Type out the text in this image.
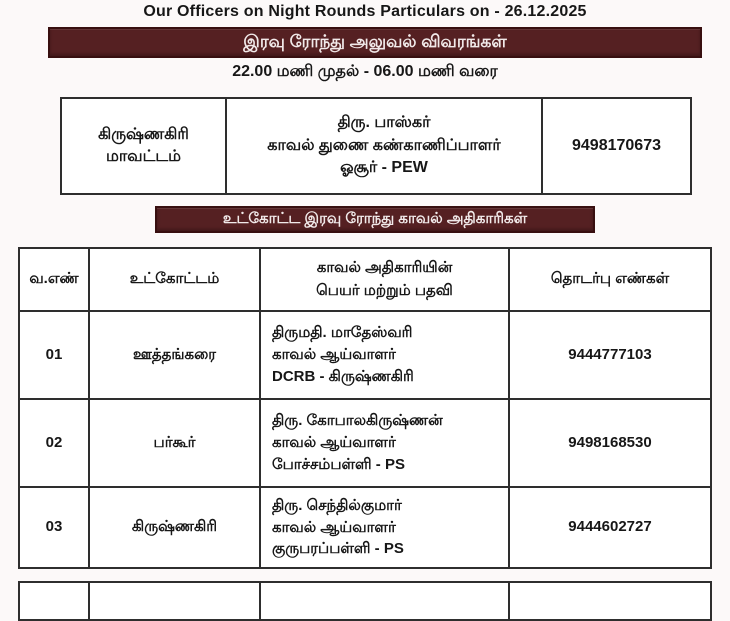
Our Officers on Night Rounds Particulars on - 26.12.2025
இரவு ரோந்து அலுவல் விவரங்கள்
22.00 மணி முதல் - 06.00 மணி வரை
கிருஷ்ணகிரி
மாவட்டம்

திரு. பாஸ்கர்
காவல் துணை கண்காணிப்பாளர்
ஓசூர் - PEW
	9498170673
உட்கோட்ட இரவு ரோந்து காவல் அதிகாரிகள்
வ.எண்	உட்கோட்டம்	காவல் அதிகாரியின்
பெயர் மற்றும் பதவி	தொடர்பு எண்கள்
01	ஊத்தங்கரை	திருமதி. மாதேஸ்வரி
காவல் ஆய்வாளர்
DCRB - கிருஷ்ணகிரி	9444777103
02	பர்கூர்	திரு. கோபாலகிருஷ்ணன்
காவல் ஆய்வாளர்
போச்சம்பள்ளி - PS	9498168530
03	கிருஷ்ணகிரி	திரு. செந்தில்குமார்
காவல் ஆய்வாளர்
குருபரப்பள்ளி - PS	9444602727
